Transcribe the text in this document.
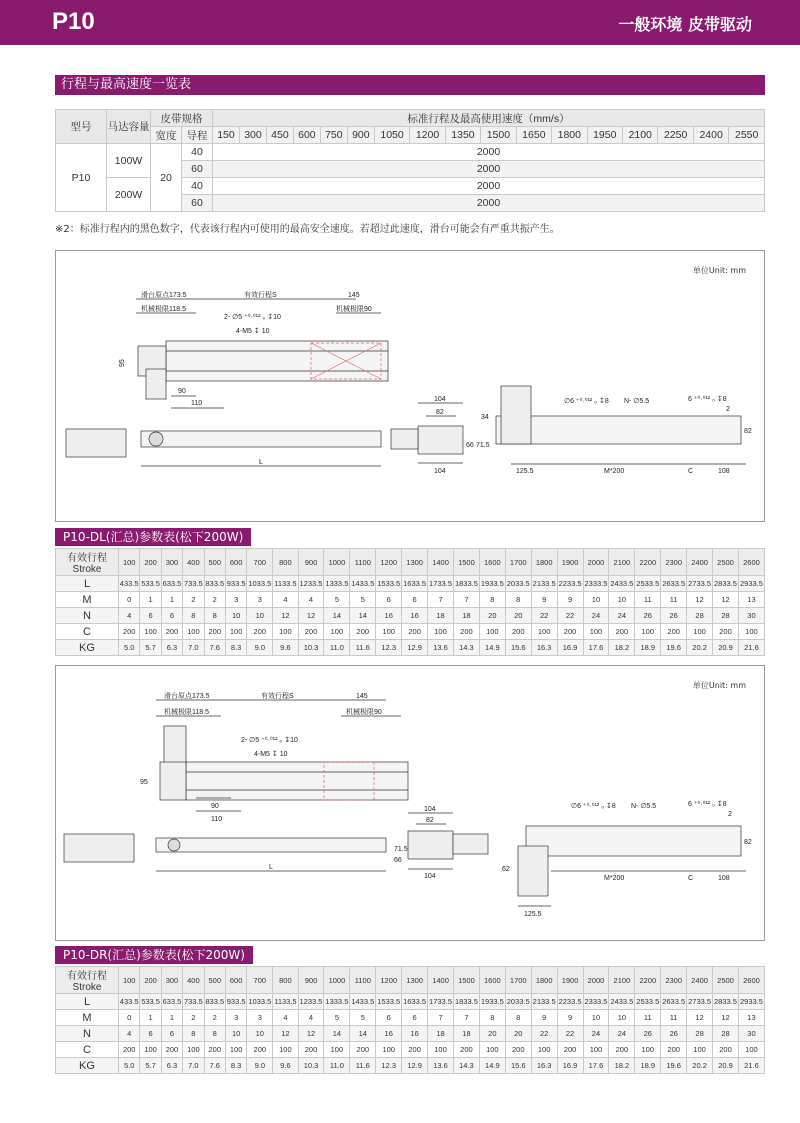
P10	一般环境 皮带驱动
行程与最高速度一览表
型号	马达容量	皮带规格		标准行程及最高使用速度（mm/s）																
		宽度	导程	150	300	450	600	750	900	1050	1200	1350	1500	1650	1800	1950	2100	2250	2400	2550
P10	100W	20	40	2000																
			60	2000																
	200W		40	2000																
			60	2000																
※2：标准行程内的黑色数字，代表该行程内可使用的最高安全速度。若超过此速度，滑台可能会有严重共振产生。
单位Unit: mm
滑台原点173.5	有效行程S	145
机械极限118.5	机械极限90
2- ∅5 ⁺⁰·⁰¹² ₀ ↧10
4-M5 ↧ 10
95
90
110
L
104
82
104
34
66 71.5
∅6 ⁺⁰·⁰¹² ₀ ↧8 N- ∅5.5	6 ⁺⁰·⁰¹² ₀ ↧8
2
82
125.5	M*200	C	108
P10-DL(汇总)参数表(松下200W)
有效行程Stroke	100	200	300	400	500	600	700	800	900	1000	1100	1200	1300	1400	1500	1600	1700	1800	1900	2000	2100	2200	2300	2400	2500	2600
L	433.5	533.5	633.5	733.5	833.5	933.5	1033.5	1133.5	1233.5	1333.5	1433.5	1533.5	1633.5	1733.5	1833.5	1933.5	2033.5	2133.5	2233.5	2333.5	2433.5	2533.5	2633.5	2733.5	2833.5	2933.5
M	0	1	1	2	2	3	3	4	4	5	5	6	6	7	7	8	8	9	9	10	10	11	11	12	12	13
N	4	6	6	8	8	10	10	12	12	14	14	16	16	18	18	20	20	22	22	24	24	26	26	28	28	30
C	200	100	200	100	200	100	200	100	200	100	200	100	200	100	200	100	200	100	200	100	200	100	200	100	200	100
KG	5.0	5.7	6.3	7.0	7.6	8.3	9.0	9.6	10.3	11.0	11.6	12.3	12.9	13.6	14.3	14.9	15.6	16.3	16.9	17.6	18.2	18.9	19.6	20.2	20.9	21.6
单位Unit: mm
滑台原点173.5	有效行程S	145
机械极限118.5	机械极限90
2- ∅5 ⁺⁰·⁰¹² ₀ ↧10
4-M5 ↧ 10
95
90
110
L
104
82
71.5
66
104
∅6 ⁺⁰·⁰¹² ₀ ↧8 N- ∅5.5	6 ⁺⁰·⁰¹² ₀ ↧8
2
82
62
M*200	C	108
125.5
P10-DR(汇总)参数表(松下200W)
有效行程Stroke	100	200	300	400	500	600	700	800	900	1000	1100	1200	1300	1400	1500	1600	1700	1800	1900	2000	2100	2200	2300	2400	2500	2600
L	433.5	533.5	633.5	733.5	833.5	933.5	1033.5	1133.5	1233.5	1333.5	1433.5	1533.5	1633.5	1733.5	1833.5	1933.5	2033.5	2133.5	2233.5	2333.5	2433.5	2533.5	2633.5	2733.5	2833.5	2933.5
M	0	1	1	2	2	3	3	4	4	5	5	6	6	7	7	8	8	9	9	10	10	11	11	12	12	13
N	4	6	6	8	8	10	10	12	12	14	14	16	16	18	18	20	20	22	22	24	24	26	26	28	28	30
C	200	100	200	100	200	100	200	100	200	100	200	100	200	100	200	100	200	100	200	100	200	100	200	100	200	100
KG	5.0	5.7	6.3	7.0	7.6	8.3	9.0	9.6	10.3	11.0	11.6	12.3	12.9	13.6	14.3	14.9	15.6	16.3	16.9	17.6	18.2	18.9	19.6	20.2	20.9	21.6
